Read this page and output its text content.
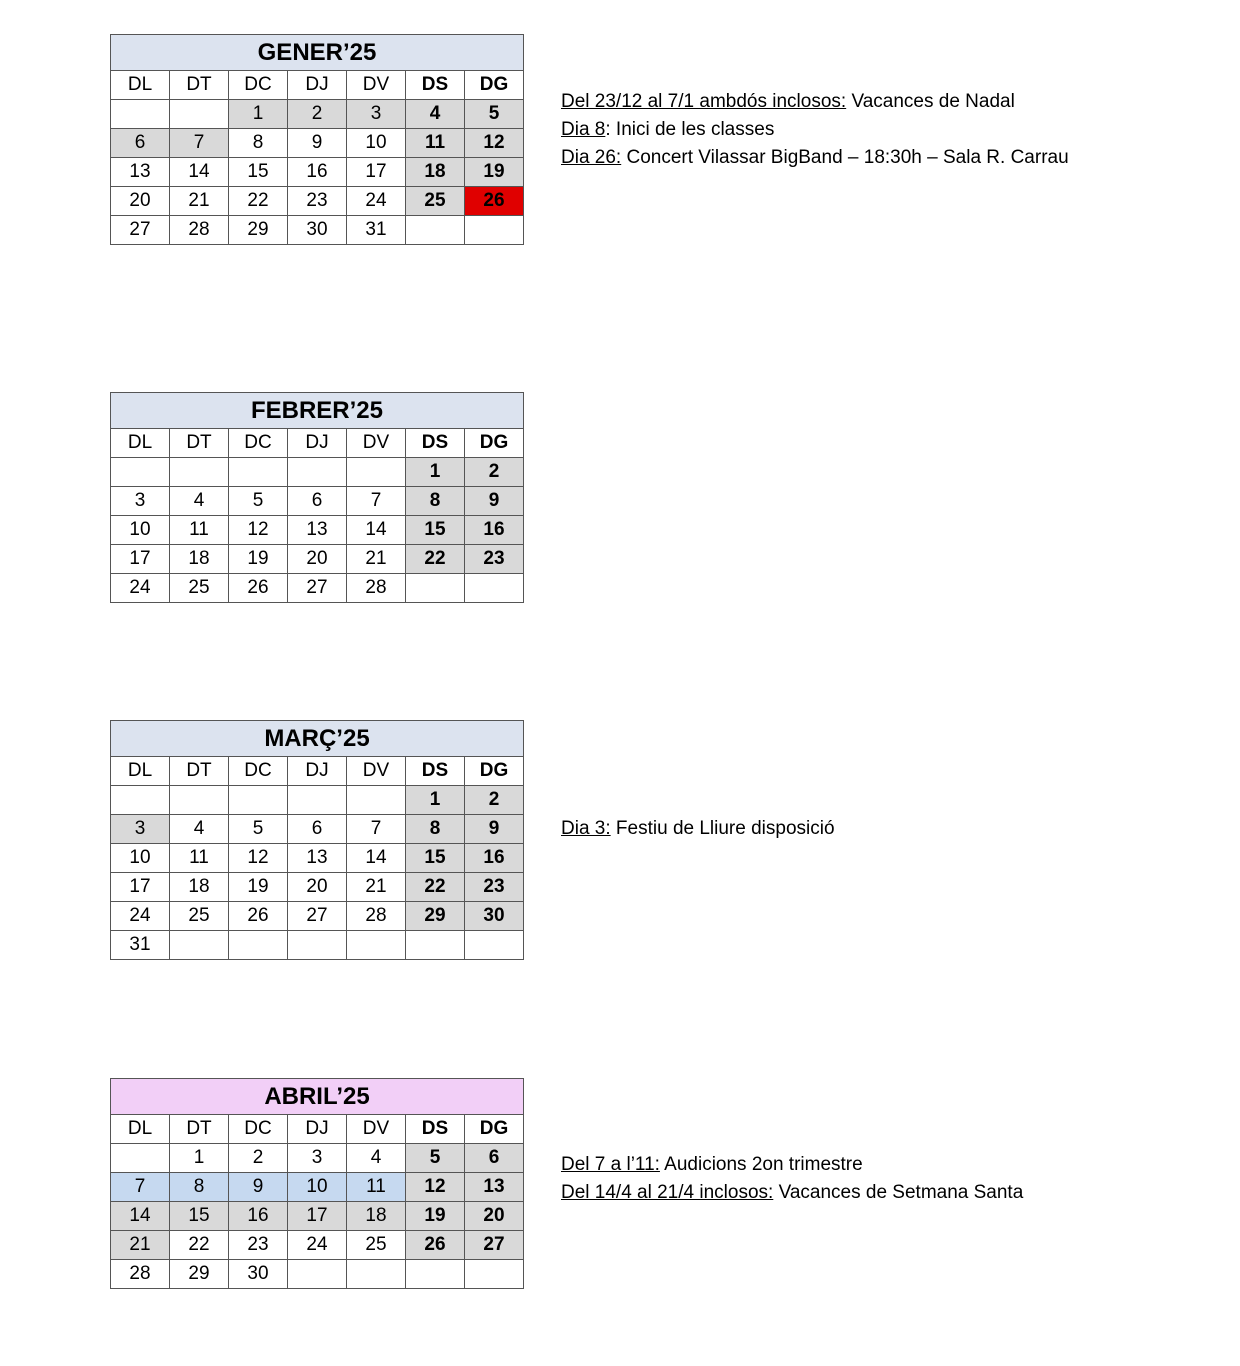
GENER’25						
DL	DT	DC	DJ	DV	DS	DG
		1	2	3	4	5
6	7	8	9	10	11	12
13	14	15	16	17	18	19
20	21	22	23	24	25	26
27	28	29	30	31		
Del 23/12 al 7/1 ambdós inclosos: Vacances de Nadal
Dia 8: Inici de les classes
Dia 26: Concert Vilassar BigBand – 18:30h – Sala R. Carrau
FEBRER’25						
DL	DT	DC	DJ	DV	DS	DG
					1	2
3	4	5	6	7	8	9
10	11	12	13	14	15	16
17	18	19	20	21	22	23
24	25	26	27	28		
MARÇ’25						
DL	DT	DC	DJ	DV	DS	DG
					1	2
3	4	5	6	7	8	9
10	11	12	13	14	15	16
17	18	19	20	21	22	23
24	25	26	27	28	29	30
31						
Dia 3: Festiu de Lliure disposició
ABRIL’25						
DL	DT	DC	DJ	DV	DS	DG
	1	2	3	4	5	6
7	8	9	10	11	12	13
14	15	16	17	18	19	20
21	22	23	24	25	26	27
28	29	30				
Del 7 a l’11: Audicions 2on trimestre
Del 14/4 al 21/4 inclosos: Vacances de Setmana Santa
